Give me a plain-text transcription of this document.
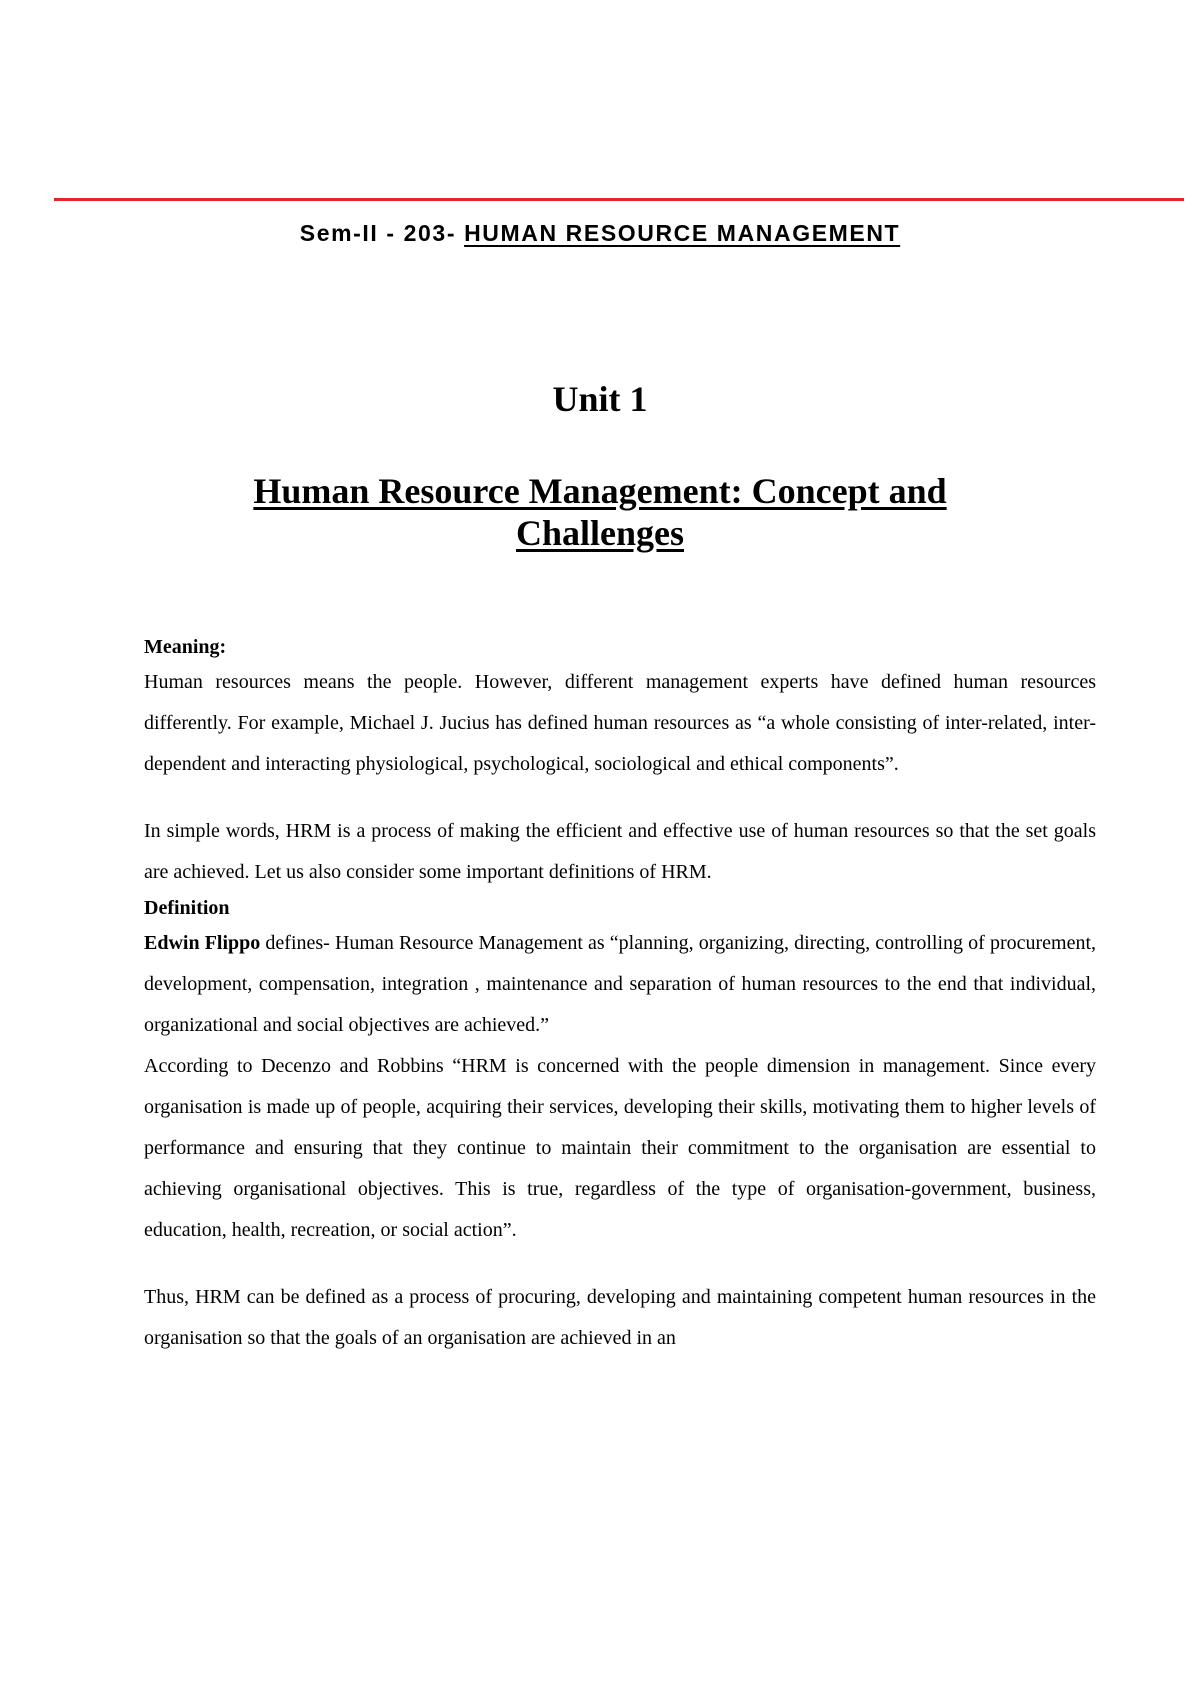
Sem-II - 203- HUMAN RESOURCE MANAGEMENT
Unit 1
Human Resource Management: Concept and Challenges
Meaning:

Human resources means the people. However, different management experts have defined human resources differently. For example, Michael J. Jucius has defined human resources as “a whole consisting of inter-related, inter-dependent and interacting physiological, psychological, sociological and ethical components”.

In simple words, HRM is a process of making the efficient and effective use of human resources so that the set goals are achieved. Let us also consider some important definitions of HRM.

Definition

Edwin Flippo defines- Human Resource Management as “planning, organizing, directing, controlling of procurement, development, compensation, integration , maintenance and separation of human resources to the end that individual, organizational and social objectives are achieved.”

According to Decenzo and Robbins “HRM is concerned with the people dimension in management. Since every organisation is made up of people, acquiring their services, developing their skills, motivating them to higher levels of performance and ensuring that they continue to maintain their commitment to the organisation are essential to achieving organisational objectives. This is true, regardless of the type of organisation-government, business, education, health, recreation, or social action”.

Thus, HRM can be defined as a process of procuring, developing and maintaining competent human resources in the organisation so that the goals of an organisation are achieved in an
